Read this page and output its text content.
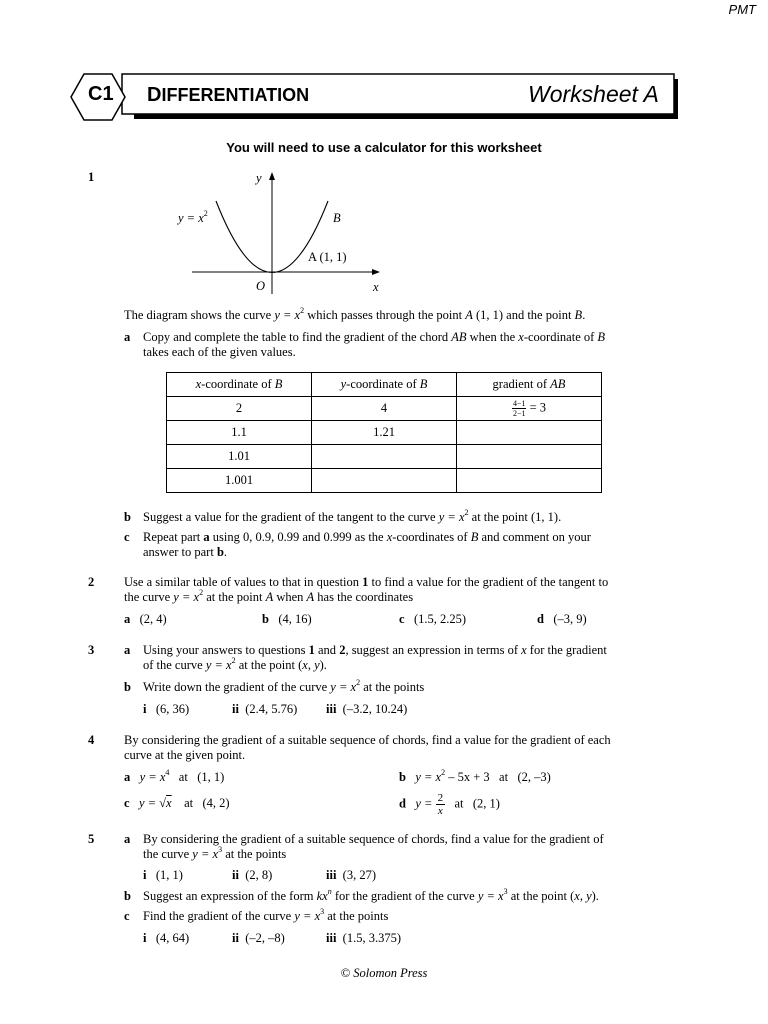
PMT
C1 DIFFERENTIATION	Worksheet A
You will need to use a calculator for this worksheet
1	y
x
O
$y = x^2$	B
A (1, 1)
The diagram shows the curve $y = x^2$ which passes through the point A (1, 1) and the point B.
a Copy and complete the table to find the gradient of the chord AB when the x-coordinate of B
takes each of the given values.
x-coordinate of B	y-coordinate of B	gradient of AB
2	4	$\frac{4-1}{2-1} = 3$
1.1	1.21	
1.01		
1.001		
b Suggest a value for the gradient of the tangent to the curve $y = x^2$ at the point (1, 1).
c Repeat part a using 0, 0.9, 0.99 and 0.999 as the x-coordinates of B and comment on your
answer to part b.
2 Use a similar table of values to that in question 1 to find a value for the gradient of the tangent to
the curve $y = x^2$ at the point A when A has the coordinates
a (2, 4)	b (4, 16)	c (1.5, 2.25)	d (–3, 9)
3 a Using your answers to questions 1 and 2, suggest an expression in terms of x for the gradient
of the curve $y = x^2$ at the point (x, y).
b Write down the gradient of the curve $y = x^2$ at the points
i (6, 36)	ii (2.4, 5.76) iii (–3.2, 10.24)
4 By considering the gradient of a suitable sequence of chords, find a value for the gradient of each
curve at the given point.
a $y = x^4$ at (1, 1)	b $y = x^2 - 5x + 3$ at (2, –3)
c y = √x at (4, 2)	d $y = \frac{2}{x}$ at (2, 1)
5 a By considering the gradient of a suitable sequence of chords, find a value for the gradient of
the curve $y = x^3$ at the points
i (1, 1)	ii (2, 8)	iii (3, 27)
b Suggest an expression of the form $kx^n$ for the gradient of the curve $y = x^3$ at the point (x, y).
c Find the gradient of the curve $y = x^3$ at the points
i (4, 64)	ii (–2, –8)	iii (1.5, 3.375)
© Solomon Press
